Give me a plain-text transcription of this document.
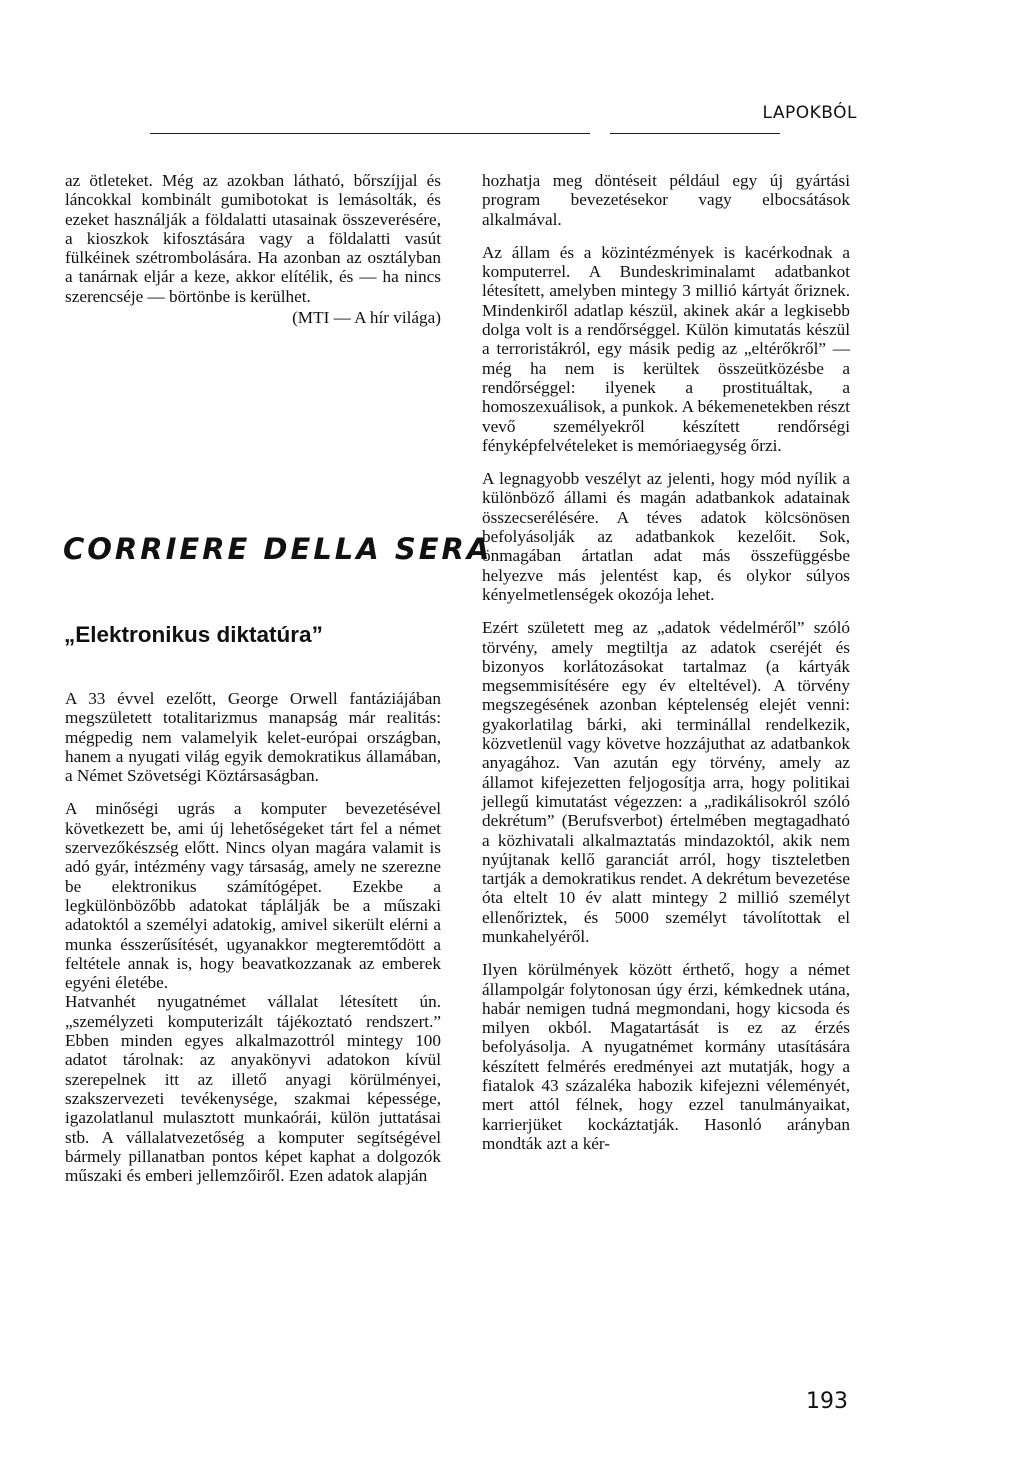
LAPOKBÓL

az ötleteket. Még az azokban látható, bőrszíjjal és láncokkal kombinált gumibotokat is lemásolták, és ezeket használják a földalatti utasainak összeverésére, a kioszkok kifosztására vagy a földalatti vasút fülkéinek szétrombolására. Ha azonban az osztályban a tanárnak eljár a keze, akkor elítélik, és — ha nincs szerencséje — börtönbe is kerülhet.

(MTI — A hír világa)
CORRIERE DELLA SERA
„Elektronikus diktatúra”

A 33 évvel ezelőtt, George Orwell fantáziájában megszületett totalitarizmus manapság már realitás: mégpedig nem valamelyik kelet-európai országban, hanem a nyugati világ egyik demokratikus államában, a Német Szövetségi Köztársaságban.

A minőségi ugrás a komputer bevezetésével következett be, ami új lehetőségeket tárt fel a német szervezőkészség előtt. Nincs olyan magára valamit is adó gyár, intézmény vagy társaság, amely ne szerezne be elektronikus számítógépet. Ezekbe a legkülönbözőbb adatokat táplálják be a műszaki adatoktól a személyi adatokig, amivel sikerült elérni a munka ésszerűsítését, ugyanakkor megteremtődött a feltétele annak is, hogy beavatkozzanak az emberek egyéni életébe.

Hatvanhét nyugatnémet vállalat létesített ún. „személyzeti komputerizált tájékoztató rendszert.” Ebben minden egyes alkalmazottról mintegy 100 adatot tárolnak: az anyakönyvi adatokon kívül szerepelnek itt az illető anyagi körülményei, szakszervezeti tevékenysége, szakmai képessége, igazolatlanul mulasztott munkaórái, külön juttatásai stb. A vállalatvezetőség a komputer segítségével bármely pillanatban pontos képet kaphat a dolgozók műszaki és emberi jellemzőiről. Ezen adatok alapján

hozhatja meg döntéseit például egy új gyártási program bevezetésekor vagy elbocsátások alkalmával.

Az állam és a közintézmények is kacérkodnak a komputerrel. A Bundeskriminalamt adatbankot létesített, amelyben mintegy 3 millió kártyát őriznek. Mindenkiről adatlap készül, akinek akár a legkisebb dolga volt is a rendőrséggel. Külön kimutatás készül a terroristákról, egy másik pedig az „eltérőkről” — még ha nem is kerültek összeütközésbe a rendőrséggel: ilyenek a prostituáltak, a homoszexuálisok, a punkok. A békemenetekben részt vevő személyekről készített rendőrségi fényképfelvételeket is memóriaegység őrzi.

A legnagyobb veszélyt az jelenti, hogy mód nyílik a különböző állami és magán adatbankok adatainak összecserélésére. A téves adatok kölcsönösen befolyásolják az adatbankok kezelőit. Sok, önmagában ártatlan adat más összefüggésbe helyezve más jelentést kap, és olykor súlyos kényelmetlenségek okozója lehet.

Ezért született meg az „adatok védelméről” szóló törvény, amely megtiltja az adatok cseréjét és bizonyos korlátozásokat tartalmaz (a kártyák megsemmisítésére egy év elteltével). A törvény megszegésének azonban képtelenség elejét venni: gyakorlatilag bárki, aki terminállal rendelkezik, közvetlenül vagy követve hozzájuthat az adatbankok anyagához. Van azután egy törvény, amely az államot kifejezetten feljogosítja arra, hogy politikai jellegű kimutatást végezzen: a „radikálisokról szóló dekrétum” (Berufsverbot) értelmében megtagadható a közhivatali alkalmaztatás mindazoktól, akik nem nyújtanak kellő garanciát arról, hogy tiszteletben tartják a demokratikus rendet. A dekrétum bevezetése óta eltelt 10 év alatt mintegy 2 millió személyt ellenőriztek, és 5000 személyt távolítottak el munkahelyéről.

Ilyen körülmények között érthető, hogy a német állampolgár folytonosan úgy érzi, kémkednek utána, habár nemigen tudná megmondani, hogy kicsoda és milyen okból. Magatartását is ez az érzés befolyásolja. A nyugatnémet kormány utasítására készített felmérés eredményei azt mutatják, hogy a fiatalok 43 százaléka habozik kifejezni véleményét, mert attól félnek, hogy ezzel tanulmányaikat, karrierjüket kockáztatják. Hasonló arányban mondták azt a kér-

193
